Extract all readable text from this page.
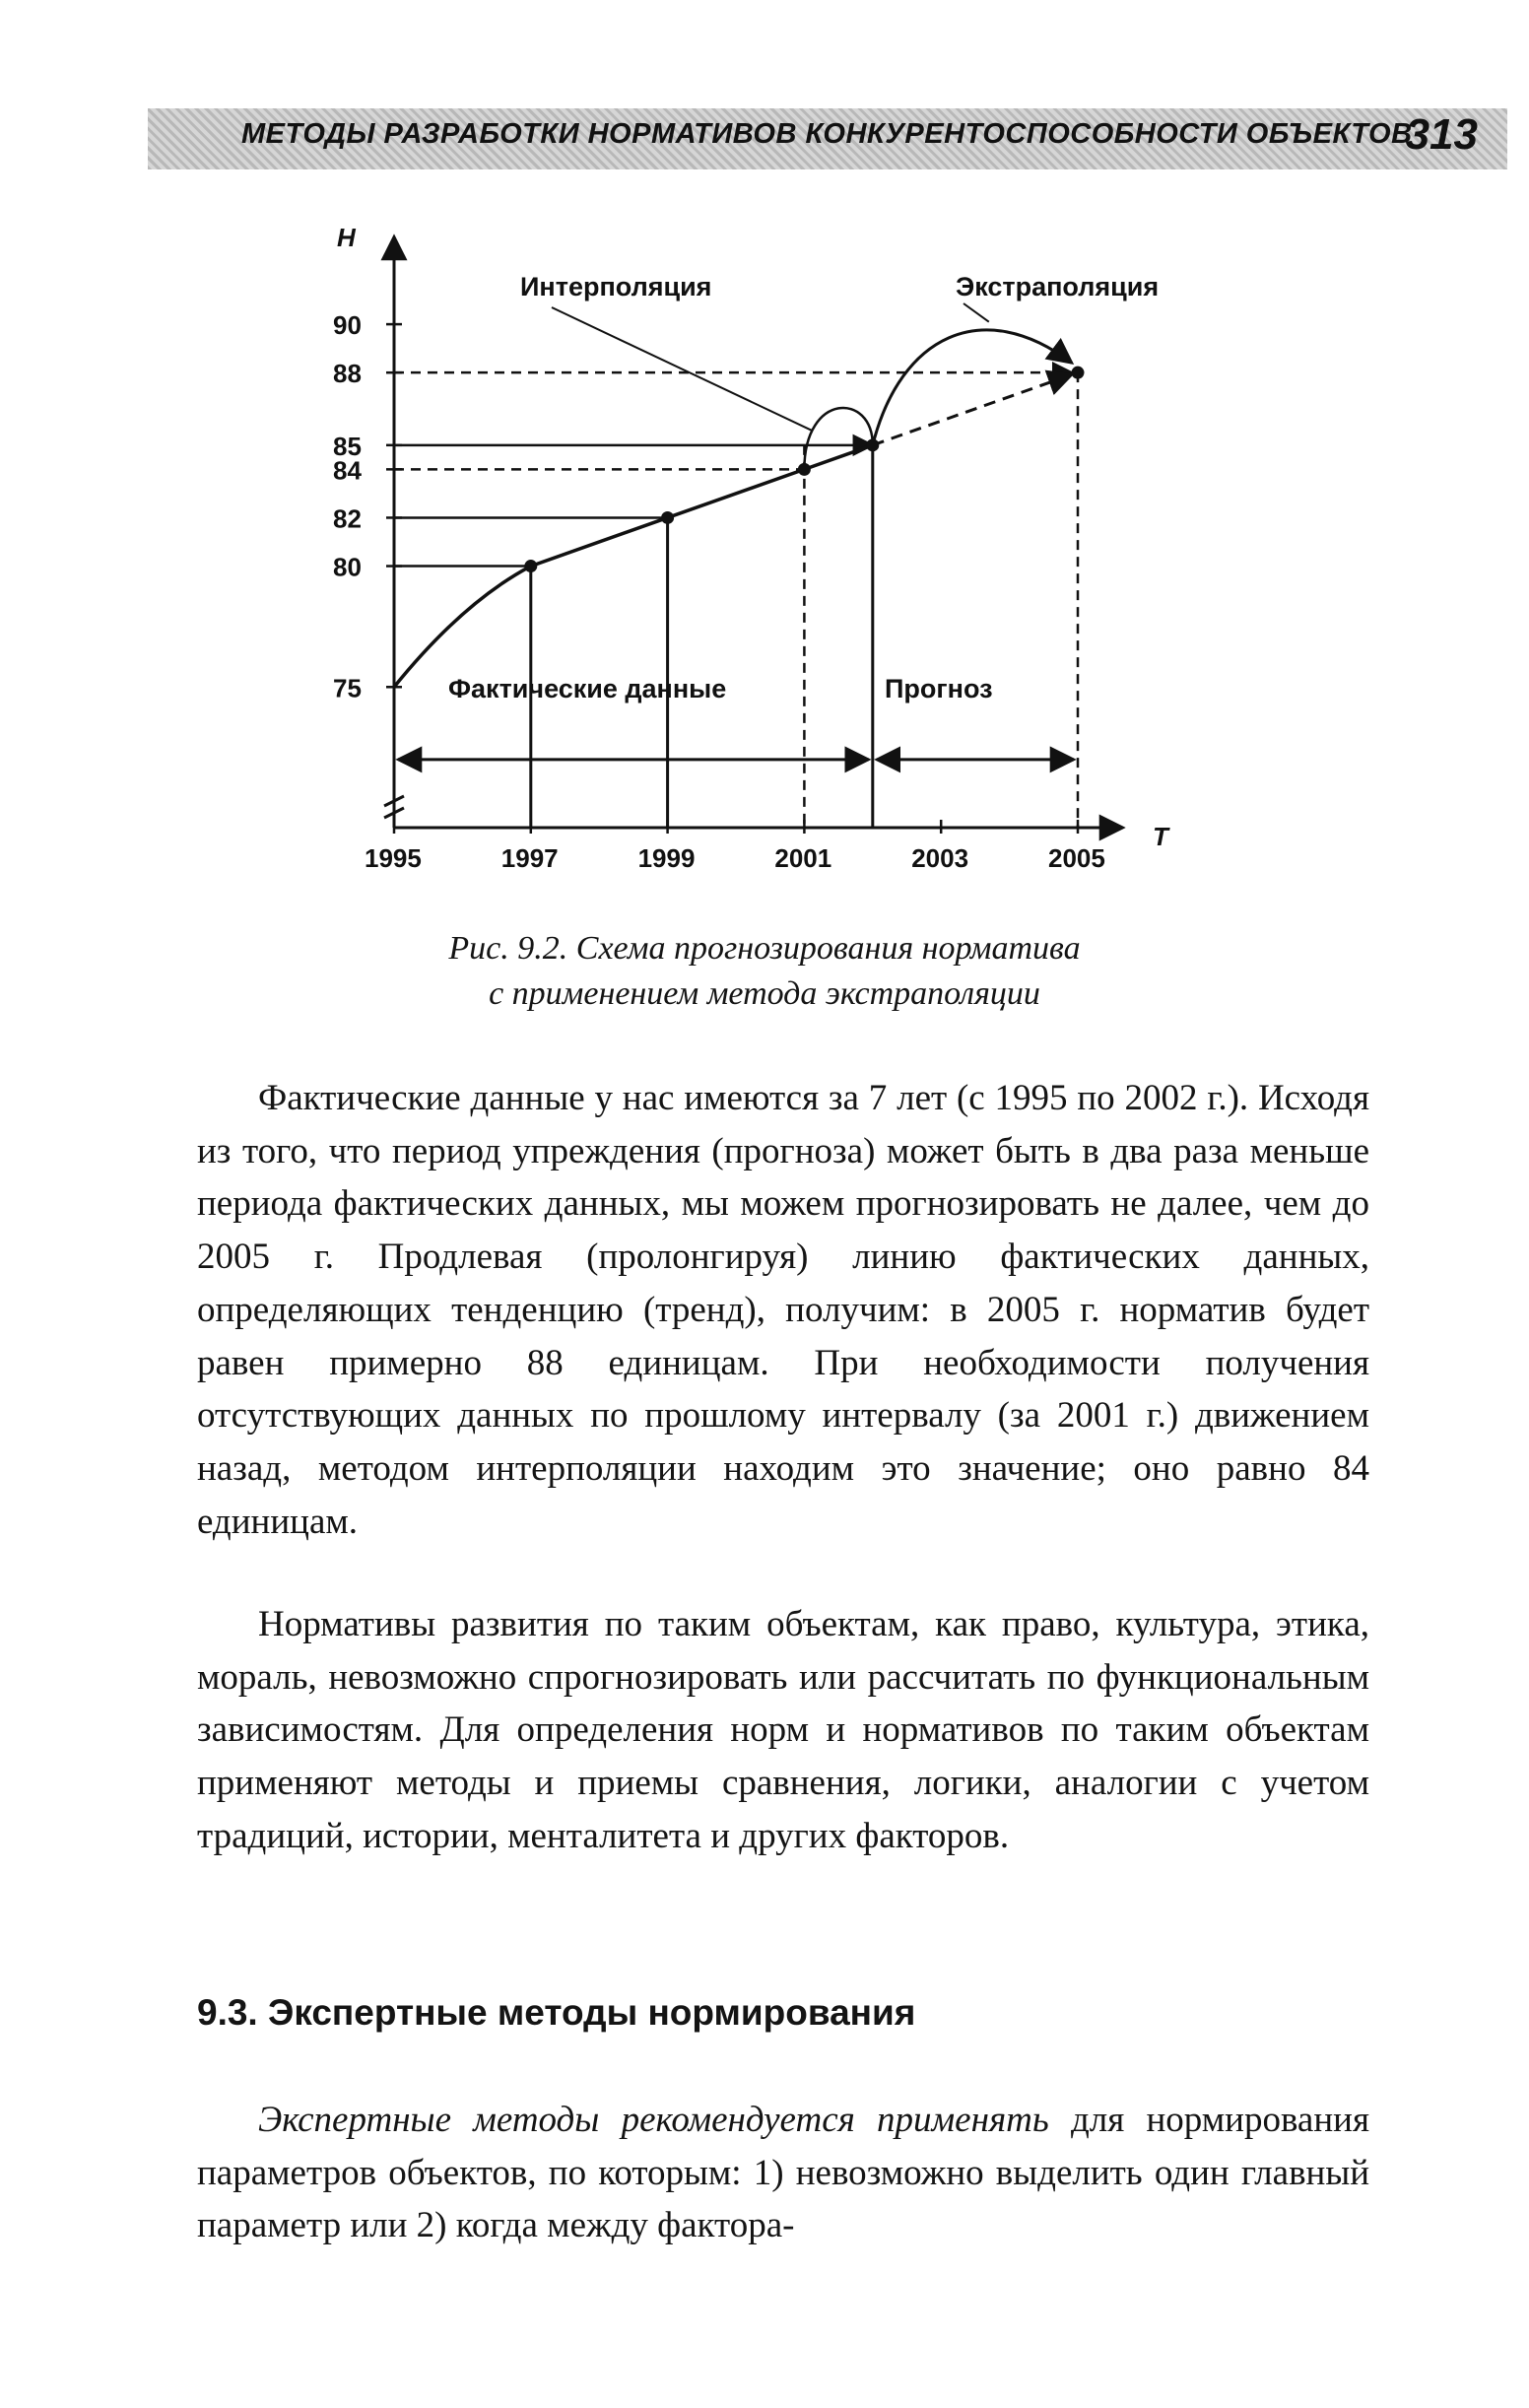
МЕТОДЫ РАЗРАБОТКИ НОРМАТИВОВ КОНКУРЕНТОСПОСОБНОСТИ ОБЪЕКТОВ
313
Н
Т
90
88
85
84
82
80
75
1995	1997	1999	2001	2003	2005
Интерполяция	Экстраполяция
Фактические данные	Прогноз
Рис. 9.2. Схема прогнозирования норматива
с применением метода экстраполяции

Фактические данные у нас имеются за 7 лет (с 1995 по 2002 г.). Исходя из того, что период упреждения (прогноза) может быть в два раза меньше периода фактических данных, мы можем прогнозировать не далее, чем до 2005 г. Продлевая (пролонгируя) линию фактических данных, определяющих тенденцию (тренд), получим: в 2005 г. норматив будет равен примерно 88 единицам. При необходимости получения отсутствующих данных по прошлому интервалу (за 2001 г.) движением назад, методом интерполяции находим это значение; оно равно 84 единицам.

Нормативы развития по таким объектам, как право, культура, этика, мораль, невозможно спрогнозировать или рассчитать по функциональным зависимостям. Для определения норм и нормативов по таким объектам применяют методы и приемы сравнения, логики, аналогии с учетом традиций, истории, менталитета и других факторов.

9.3. Экспертные методы нормирования

Экспертные методы рекомендуется применять для нормирования параметров объектов, по которым: 1) невозможно выделить один главный параметр или 2) когда между фактора-
